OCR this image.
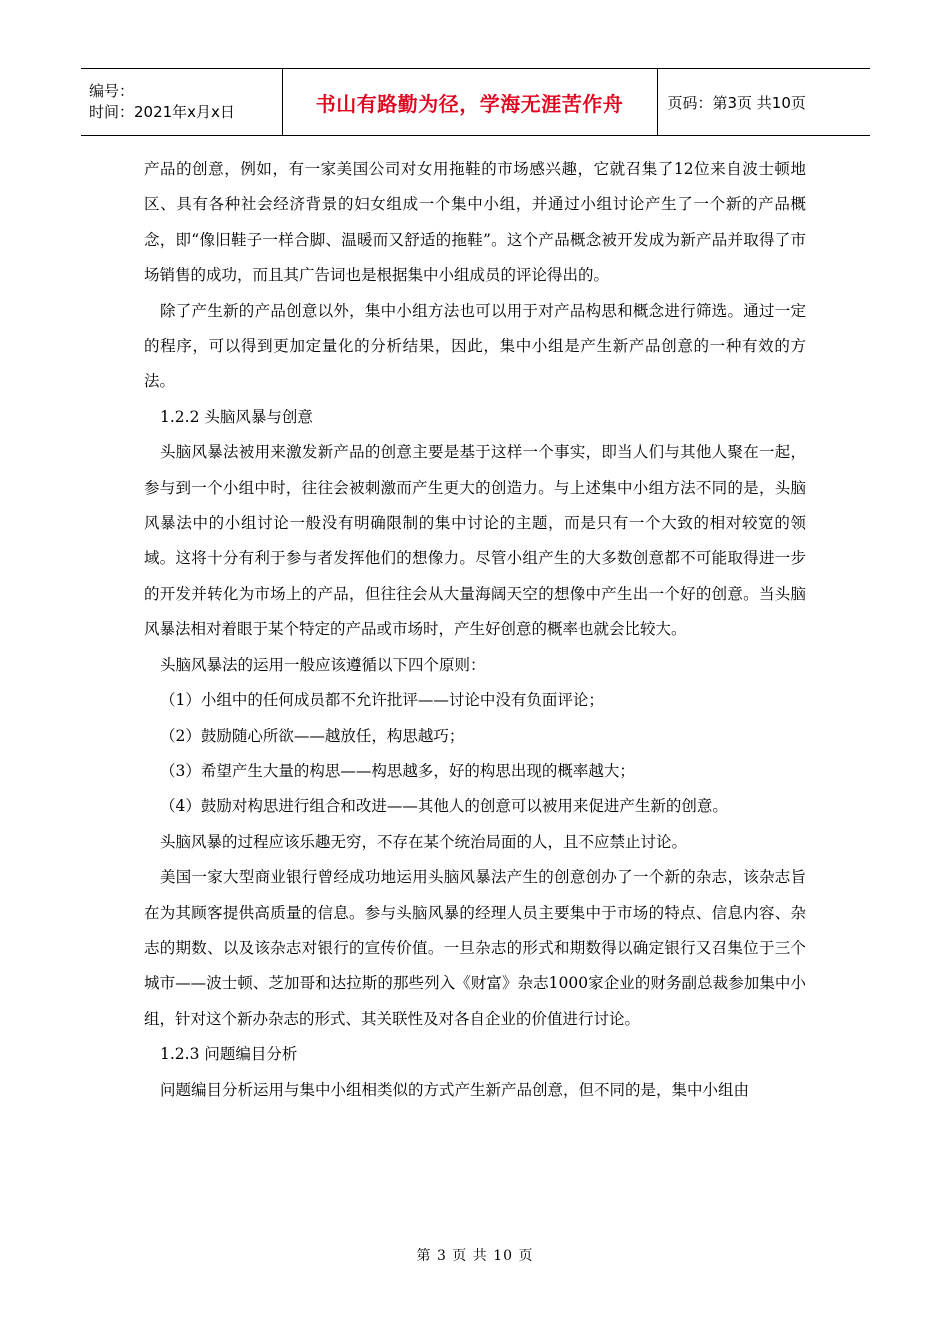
编号：
时间：2021年x月x日	书山有路勤为径，学海无涯苦作舟	页码：第3页 共10页

产品的创意，例如，有一家美国公司对女用拖鞋的市场感兴趣，它就召集了12位来自波士顿地区、具有各种社会经济背景的妇女组成一个集中小组，并通过小组讨论产生了一个新的产品概念，即“像旧鞋子一样合脚、温暖而又舒适的拖鞋”。这个产品概念被开发成为新产品并取得了市场销售的成功，而且其广告词也是根据集中小组成员的评论得出的。

除了产生新的产品创意以外，集中小组方法也可以用于对产品构思和概念进行筛选。通过一定的程序，可以得到更加定量化的分析结果，因此，集中小组是产生新产品创意的一种有效的方法。

1.2.2 头脑风暴与创意

头脑风暴法被用来激发新产品的创意主要是基于这样一个事实，即当人们与其他人聚在一起，参与到一个小组中时，往往会被刺激而产生更大的创造力。与上述集中小组方法不同的是，头脑风暴法中的小组讨论一般没有明确限制的集中讨论的主题，而是只有一个大致的相对较宽的领域。这将十分有利于参与者发挥他们的想像力。尽管小组产生的大多数创意都不可能取得进一步的开发并转化为市场上的产品，但往往会从大量海阔天空的想像中产生出一个好的创意。当头脑风暴法相对着眼于某个特定的产品或市场时，产生好创意的概率也就会比较大。

头脑风暴法的运用一般应该遵循以下四个原则：

（1）小组中的任何成员都不允许批评——讨论中没有负面评论；

（2）鼓励随心所欲——越放任，构思越巧；

（3）希望产生大量的构思——构思越多，好的构思出现的概率越大；

（4）鼓励对构思进行组合和改进——其他人的创意可以被用来促进产生新的创意。

头脑风暴的过程应该乐趣无穷，不存在某个统治局面的人，且不应禁止讨论。

美国一家大型商业银行曾经成功地运用头脑风暴法产生的创意创办了一个新的杂志，该杂志旨在为其顾客提供高质量的信息。参与头脑风暴的经理人员主要集中于市场的特点、信息内容、杂志的期数、以及该杂志对银行的宣传价值。一旦杂志的形式和期数得以确定银行又召集位于三个城市——波士顿、芝加哥和达拉斯的那些列入《财富》杂志1000家企业的财务副总裁参加集中小组，针对这个新办杂志的形式、其关联性及对各自企业的价值进行讨论。

1.2.3 问题编目分析

问题编目分析运用与集中小组相类似的方式产生新产品创意，但不同的是，集中小组由

第 3 页 共 10 页
